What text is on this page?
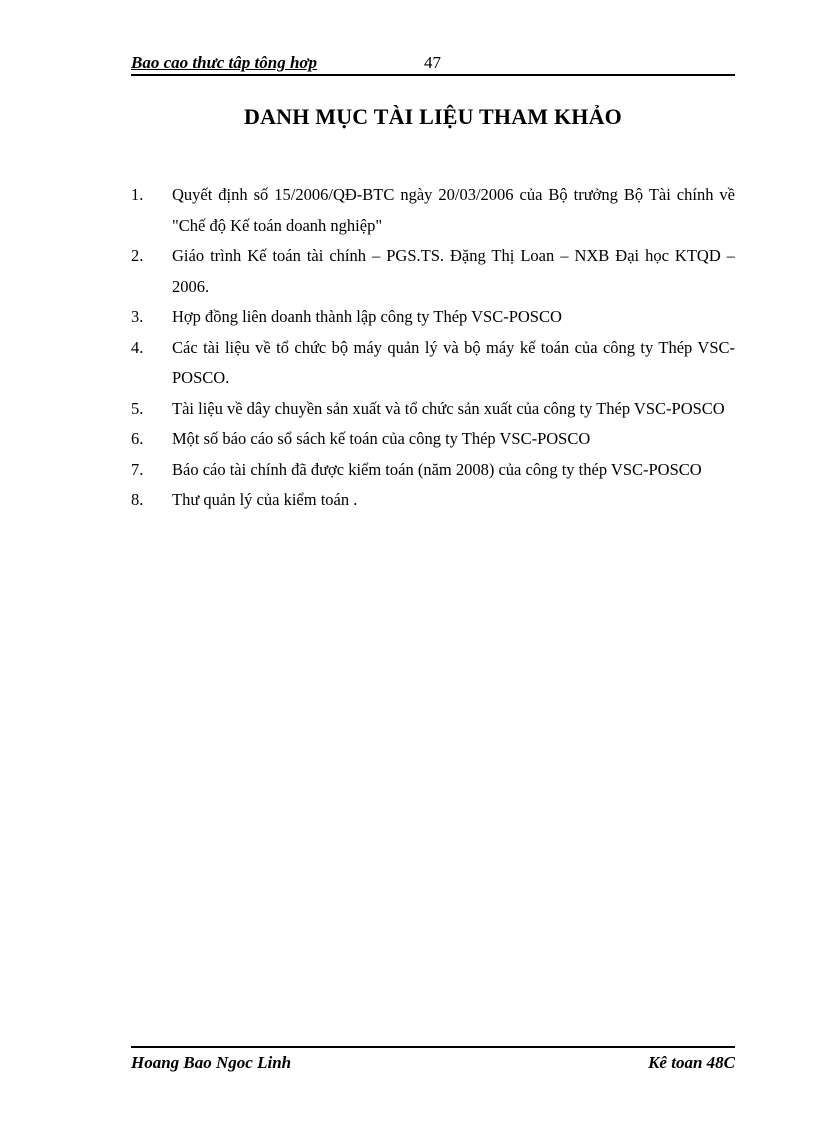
Bao cao thưc tâp tông hơp	47
DANH MỤC TÀI LIỆU THAM KHẢO
1. Quyết định số 15/2006/QĐ-BTC ngày 20/03/2006 của Bộ trưởng Bộ Tài chính về "Chế độ Kế toán doanh nghiệp"
2. Giáo trình Kế toán tài chính – PGS.TS. Đặng Thị Loan – NXB Đại học KTQD – 2006.
3. Hợp đồng liên doanh thành lập công ty Thép VSC-POSCO
4. Các tài liệu về tổ chức bộ máy quản lý và bộ máy kế toán của công ty Thép VSC-POSCO.
5. Tài liệu về dây chuyền sản xuất và tổ chức sản xuất của công ty Thép VSC-POSCO
6. Một số báo cáo sổ sách kế toán của công ty Thép VSC-POSCO
7. Báo cáo tài chính đã được kiểm toán (năm 2008) của công ty thép VSC-POSCO
8. Thư quản lý của kiểm toán .
Hoang Bao Ngoc Linh	Kê toan 48C
